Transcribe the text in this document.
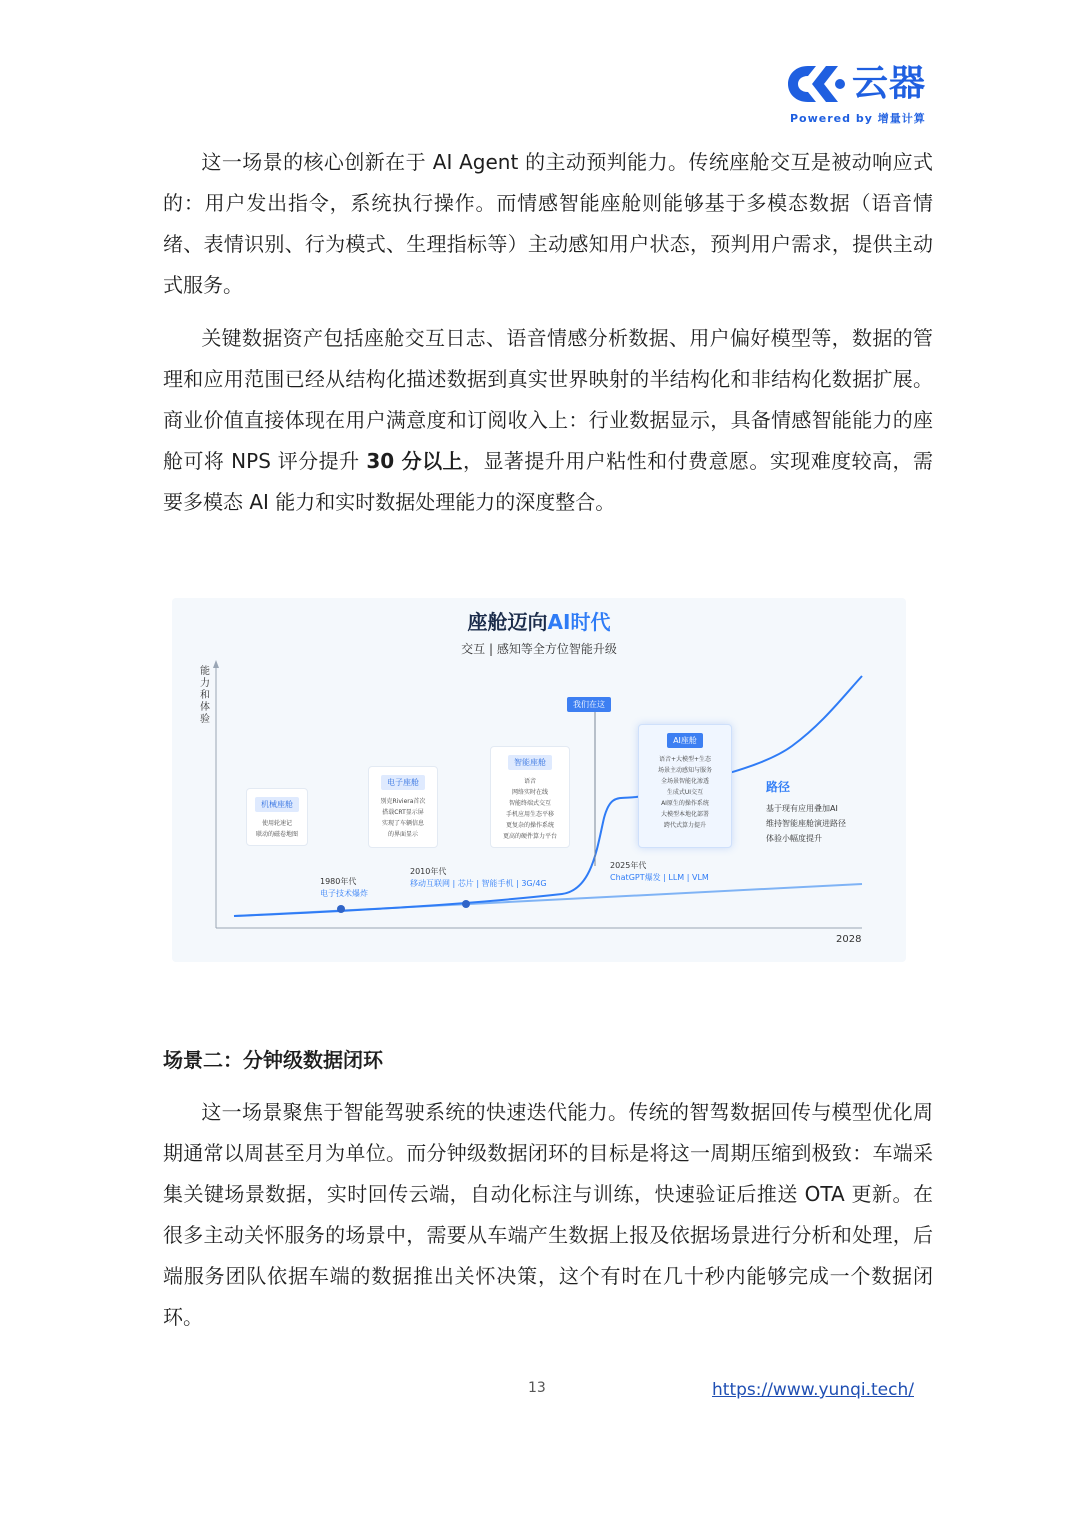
云器
Powered by 增量计算
这一场景的核心创新在于 AI Agent 的主动预判能力。传统座舱交互是被动响应式的：用户发出指令，系统执行操作。而情感智能座舱则能够基于多模态数据（语音情绪、表情识别、行为模式、生理指标等）主动感知用户状态，预判用户需求，提供主动式服务。
关键数据资产包括座舱交互日志、语音情感分析数据、用户偏好模型等，数据的管理和应用范围已经从结构化描述数据到真实世界映射的半结构化和非结构化数据扩展。商业价值直接体现在用户满意度和订阅收入上：行业数据显示，具备情感智能能力的座舱可将 NPS 评分提升 30 分以上，显著提升用户粘性和付费意愿。实现难度较高，需要多模态 AI 能力和实时数据处理能力的深度整合。
座舱迈向AI时代
交互 | 感知等全方位智能升级
能力和体验
2028
我们在这
机械座舱
使用轮速记
联动的磁卷地图
电子座舱
别克Riviera首次
搭载CRT显示屏
实现了车辆信息
的界面显示
智能座舱
语音
网络实时在线
智能终端式交互
手机应用生态平移
更复杂的操作系统
更高的硬件算力平台
AI座舱
语音+大模型+生态
场景主动感知与服务
全场景智能化渗透
生成式UI交互
AI原生的操作系统
大模型本地化部署
跨代式算力提升
1980年代
电子技术爆炸
2010年代
移动互联网 | 芯片 | 智能手机 | 3G/4G
2025年代
ChatGPT爆发 | LLM | VLM
路径
基于现有应用叠加AI
维持智能座舱演进路径
体验小幅度提升
场景二：分钟级数据闭环
这一场景聚焦于智能驾驶系统的快速迭代能力。传统的智驾数据回传与模型优化周期通常以周甚至月为单位。而分钟级数据闭环的目标是将这一周期压缩到极致：车端采集关键场景数据，实时回传云端，自动化标注与训练，快速验证后推送 OTA 更新。在很多主动关怀服务的场景中，需要从车端产生数据上报及依据场景进行分析和处理，后端服务团队依据车端的数据推出关怀决策，这个有时在几十秒内能够完成一个数据闭环。
13	https://www.yunqi.tech/
